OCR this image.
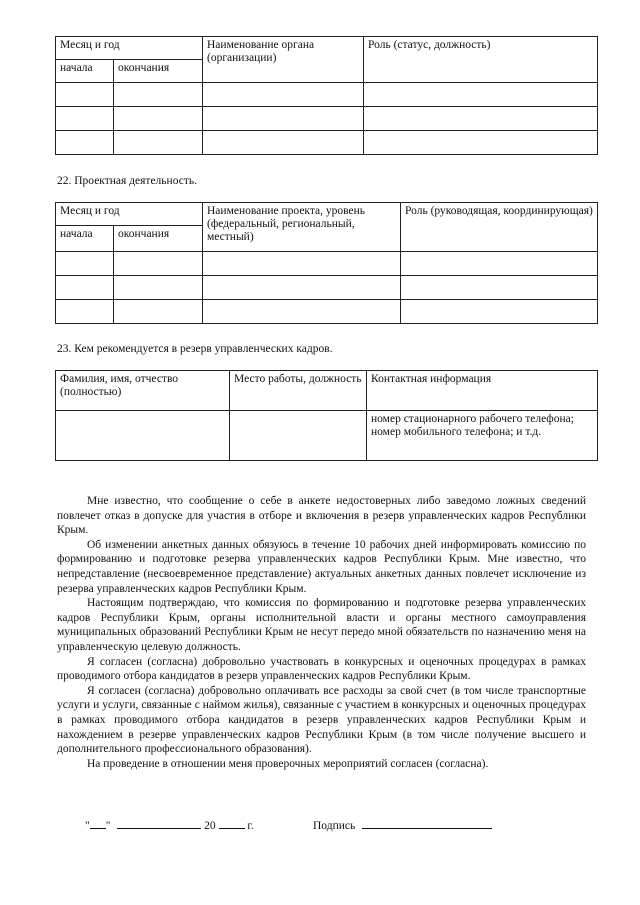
Месяц и год		Наименование органа (организации)	Роль (статус, должность)
начала	окончания		

22. Проектная деятельность.
Месяц и год		Наименование проекта, уровень (федеральный, региональный, местный)	Роль (руководящая, координирующая)
начала	окончания		

23. Кем рекомендуется в резерв управленческих кадров.
Фамилия, имя, отчество (полностью)	Место работы, должность	Контактная информация
		номер стационарного рабочего телефона; номер мобильного телефона; и т.д.

Мне известно, что сообщение о себе в анкете недостоверных либо заведомо ложных сведений повлечет отказ в допуске для участия в отборе и включения в резерв управленческих кадров Республики Крым.

Об изменении анкетных данных обязуюсь в течение 10 рабочих дней информировать комиссию по формированию и подготовке резерва управленческих кадров Республики Крым. Мне известно, что непредставление (несвоевременное представление) актуальных анкетных данных повлечет исключение из резерва управленческих кадров Республики Крым.

Настоящим подтверждаю, что комиссия по формированию и подготовке резерва управленческих кадров Республики Крым, органы исполнительной власти и органы местного самоуправления муниципальных образований Республики Крым не несут передо мной обязательств по назначению меня на управленческую целевую должность.

Я согласен (согласна) добровольно участвовать в конкурсных и оценочных процедурах в рамках проводимого отбора кандидатов в резерв управленческих кадров Республики Крым.

Я согласен (согласна) добровольно оплачивать все расходы за свой счет (в том числе транспортные услуги и услуги, связанные с наймом жилья), связанные с участием в конкурсных и оценочных процедурах в рамках проводимого отбора кандидатов в резерв управленческих кадров Республики Крым и нахождением в резерве управленческих кадров Республики Крым (в том числе получение высшего и дополнительного профессионального образования).

На проведение в отношении меня проверочных мероприятий согласен (согласна).

" "	20	г.	Подпись
